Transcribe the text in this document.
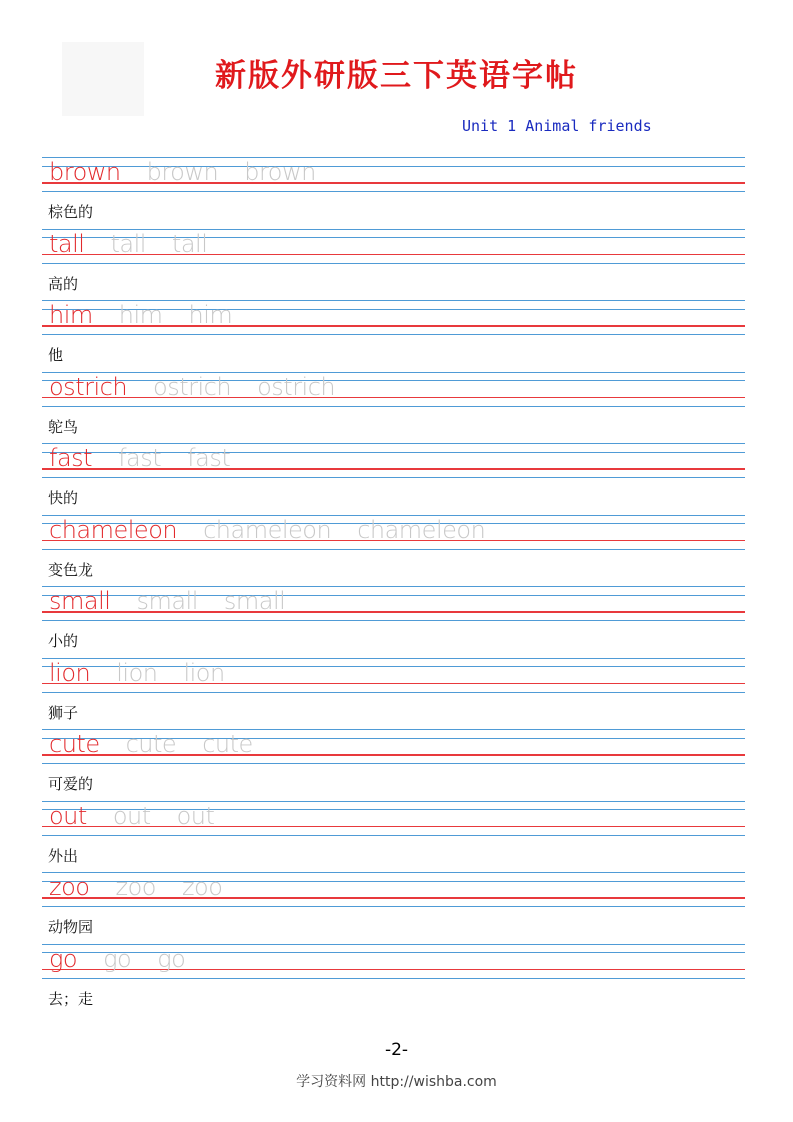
新版外研版三下英语字帖
Unit 1 Animal friends
brown brown brown
棕色的
tall tall tall
高的
him him him
他
ostrich ostrich ostrich
鸵鸟
fast fast fast
快的
chameleon chameleon chameleon
变色龙
small small small
小的
lion lion lion
狮子
cute cute cute
可爱的
out out out
外出
zoo zoo zoo
动物园
go go go
去；走
-2-
学习资料网 http://wishba.com
